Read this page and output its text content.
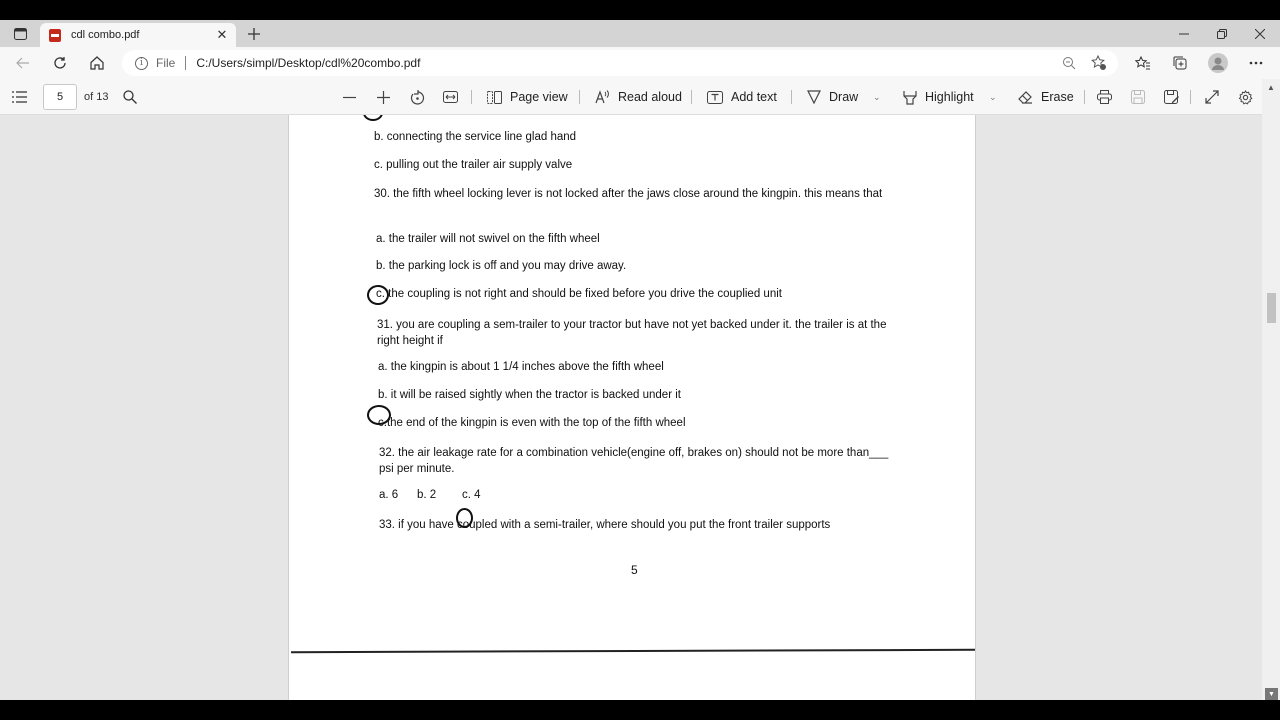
cdl combo.pdf	✕
i	File C:/Users/simpl/Desktop/cdl%20combo.pdf
5	of 13	Page view	Read aloud	Add text	Draw ⌄	Highlight ⌄	Erase
b. connecting the service line glad hand
c. pulling out the trailer air supply valve
30. the fifth wheel locking lever is not locked after the jaws close around the kingpin. this means that
a. the trailer will not swivel on the fifth wheel
b. the parking lock is off and you may drive away.
c. the coupling is not right and should be fixed before you drive the couplied unit
31. you are coupling a sem-trailer to your tractor but have not yet backed under it. the trailer is at the right height if
a. the kingpin is about 1 1/4 inches above the fifth wheel
b. it will be raised sightly when the tractor is backed under it
c.the end of the kingpin is even with the top of the fifth wheel
32. the air leakage rate for a combination vehicle(engine off, brakes on) should not be more than___ psi per minute.
a. 6 b. 2 c. 4
33. if you have coupled with a semi-trailer, where should you put the front trailer supports
5
▲
▼
